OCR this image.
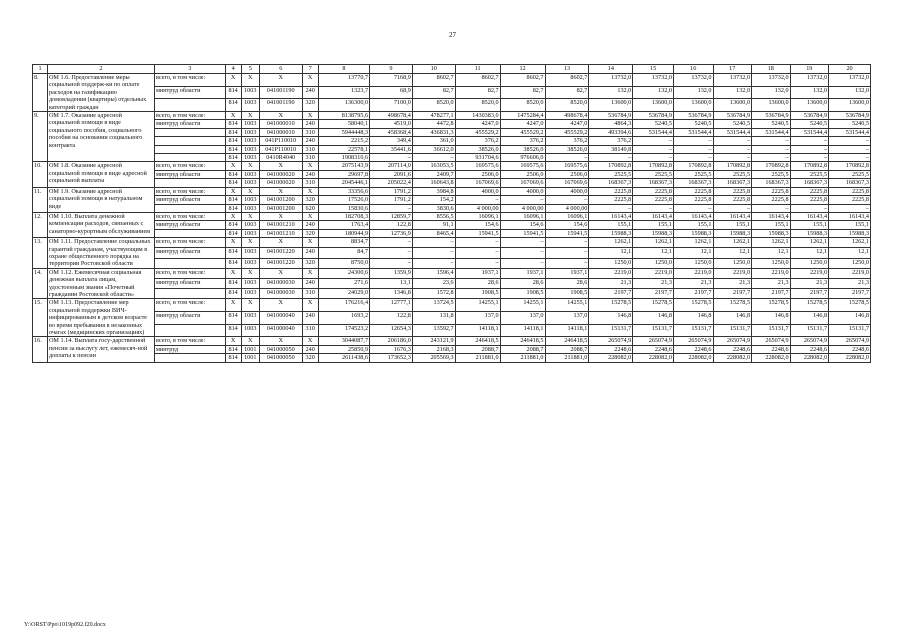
27
1	2	3	4	5	6	7	8	9	10	11	12	13	14	15	16	17	18	19	20
8.	ОМ 1.6. Предоставление меры социальной поддерж-ки по оплате расходов на газификацию домовладения (квартиры) отдельных категорий граждан	всего, в том числе:	X	X	X	X	13770,7	7168,9	8602,7	8602,7	8602,7	8602,7	13732,0	13732,0	13732,0	13732,0	13732,0	13732,0	13732,0
		минтруд области	814	1003	041001190	240	1323,7	68,9	82,7	82,7	82,7	82,7	132,0	132,0	132,0	132,0	132,0	132,0	132,0
			814	1003	041001190	320	136300,0	7100,0	8520,0	8520,0	8520,0	8520,0	13600,0	13600,0	13600,0	13600,0	13600,0	13600,0	13600,0
9.	ОМ 1.7. Оказание адресной социальной помощи в виде социального пособия, социального пособия на основании социального контракта	всего, в том числе:	X	X	X	X	8138795,6	498678,4	478277,1	1430383,0	1475284,4	498678,4	536784,9	536784,9	536784,9	536784,9	536784,9	536784,9	536784,9
		минтруд области	814	1003	041000010	240	58040,1	4519,0	4472,8	4247,0	4247,0	4247,0	4864,3	5240,5	5240,5	5240,5	5240,5	5240,5	5240,5
			814	1003	041000010	310	5944448,3	458368,4	436831,3	455529,2	455529,2	455529,2	493394,6	531544,4	531544,4	531544,4	531544,4	531544,4	531544,4
			814	1003	041P110010	240	2215,2	349,4	361,0	376,2	376,2	376,2	376,2	–	–	–	–	–	–
			814	1003	041P110010	310	22578,1	35441,6	36612,0	38526,0	38526,0	38526,0	38149,8	–	–	–	–	–	–
			814	1003	0410R4040	310	1908310,6	–	–	931704,6	976606,0	–	–	–	–	–	–	–	–
10.	ОМ 1.8. Оказание адресной социальной помощи в виде адресной социальной выплаты	всего, в том числе:	X	X	X	X	2075143,9	207114,0	163053,5	169575,6	169575,6	169575,6	170892,8	170892,8	170892,8	170892,8	170892,8	170892,8	170892,8
		минтруд области	814	1003	041000020	240	29697,8	2091,6	2409,7	2506,0	2506,0	2506,0	2525,5	2525,5	2525,5	2525,5	2525,5	2525,5	2525,5
			814	1003	041000020	310	2045446,1	205022,4	160643,8	167069,6	167069,6	167069,6	168367,3	168367,3	168367,3	168367,3	168367,3	168367,3	168367,3
11.	ОМ 1.9. Оказание адресной социальной помощи в натуральном виде	всего, в том числе:	X	X	X	X	33356,6	1791,2	3984,8	4000,0	4000,0	4000,0	2225,8	2225,8	2225,8	2225,8	2225,8	2225,8	2225,8
		минтруд области	814	1003	041001200	320	17526,0	1791,2	154,2	–	–	–	2225,8	2225,8	2225,8	2225,8	2225,8	2225,8	2225,8
			814	1003	041001200	620	15830,6	–	3830,6	4 000,00	4 000,00	4 000,00	–	–	–	–	–	–	–
12.	ОМ 1.10. Выплата денежной компенсации расходов, связанных с санаторно-курортным обслуживанием	всего, в том числе:	X	X	X	X	182708,3	12859,7	8556,5	16096,1	16096,1	16096,1	16143,4	16143,4	16143,4	16143,4	16143,4	16143,4	16143,4
		минтруд области	814	1003	041001210	240	1763,4	122,8	91,1	154,6	154,6	154,6	155,1	155,1	155,1	155,1	155,1	155,1	155,1
			814	1003	041001210	320	180944,9	12736,9	8465,4	15941,5	15941,5	15941,5	15988,3	15988,3	15988,3	15988,3	15988,3	15988,3	15988,3
13.	ОМ 1.11. Предоставление социальных гарантий гражданам, участвующим в охране общественного порядка на территории Ростовской области	всего, в том числе:	X	X	X	X	8834,7	–	–	–	–	–	1262,1	1262,1	1262,1	1262,1	1262,1	1262,1	1262,1
		минтруд области	814	1003	041001220	240	84,7	–	–	–	–	–	12,1	12,1	12,1	12,1	12,1	12,1	12,1
			814	1003	041001220	320	8750,0	–	–	–	–	–	1250,0	1250,0	1250,0	1250,0	1250,0	1250,0	1250,0
14.	ОМ 1.12. Ежемесячная социальная денежная выплата лицам, удостоенным звания «Почетный гражданин Ростовской области»	всего, в том числе:	X	X	X	X	24300,6	1359,9	1596,4	1937,1	1937,1	1937,1	2219,0	2219,0	2219,0	2219,0	2219,0	2219,0	2219,0
		минтруд области	814	1003	041000030	240	271,6	13,1	23,6	28,6	28,6	28,6	21,3	21,3	21,3	21,3	21,3	21,3	21,3
			814	1003	041000030	310	24029,0	1346,8	1572,8	1908,5	1908,5	1908,5	2197,7	2197,7	2197,7	2197,7	2197,7	2197,7	2197,7
15.	ОМ 1.13. Предоставление мер социальной поддержки ВИЧ-инфицированным в детском возрасте во время пребывания в незаконных очагах (медицинских организациях)	всего, в том числе:	X	X	X	X	176216,4	12777,1	13724,5	14255,1	14255,1	14255,1	15278,5	15278,5	15278,5	15278,5	15278,5	15278,5	15278,5
		минтруд области	814	1003	041000040	240	1693,2	122,8	131,8	137,0	137,0	137,0	146,8	146,8	146,8	146,8	146,8	146,8	146,8
			814	1003	041000040	310	174523,2	12654,3	13592,7	14118,1	14118,1	14118,1	15131,7	15131,7	15131,7	15131,7	15131,7	15131,7	15131,7
16.	ОМ 1.14. Выплата госу-дарственной пенсии за выслугу лет, ежемесяч-ной доплаты к пенсии	всего, в том числе:	X	X	X	X	3044087,7	206186,0	243121,9	246418,5	246418,5	246418,5	265074,9	265074,9	265074,9	265074,9	265074,9	265074,9	265074,9
		минтруд	814	1001	041000050	240	25850,9	1676,3	2168,3	2088,7	2088,7	2088,7	2248,6	2248,6	2248,6	2248,6	2248,6	2248,6	2248,6
			814	1001	041000050	320	2611438,6	173652,3	205569,3	211881,0	211881,0	211881,0	228082,0	228082,0	228082,0	228082,0	228082,0	228082,0	228082,0
Y:\ORST\Ppo\1019p092.f20.docx
